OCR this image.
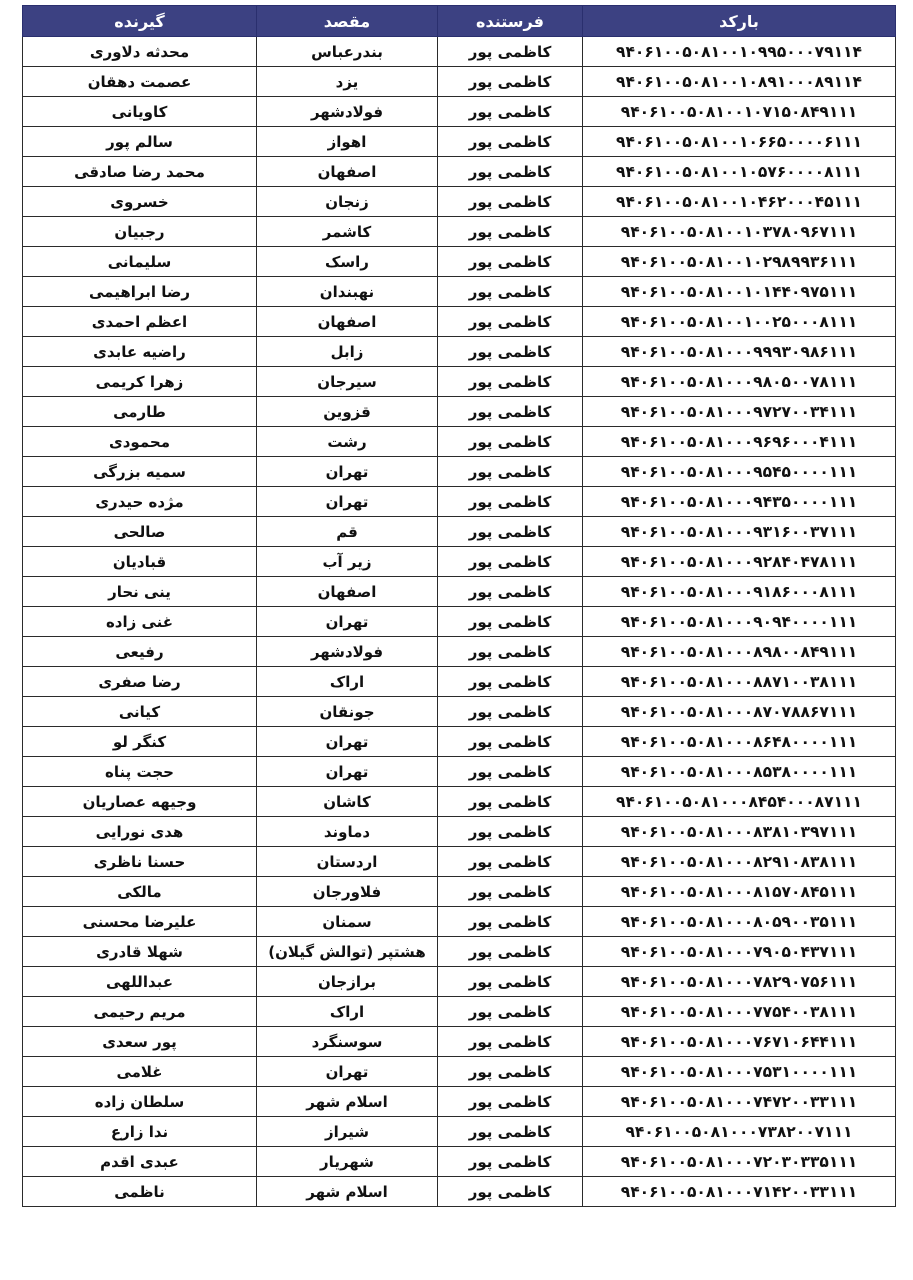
بارکد	فرستنده	مقصد	گیرنده
۹۴۰۶۱۰۰۵۰۸۱۰۰۱۰۹۹۵۰۰۰۷۹۱۱۴	کاظمی پور	بندرعباس	محدثه دلاوری
۹۴۰۶۱۰۰۵۰۸۱۰۰۱۰۸۹۱۰۰۰۸۹۱۱۴	کاظمی پور	یزد	عصمت دهقان
۹۴۰۶۱۰۰۵۰۸۱۰۰۱۰۷۱۵۰۸۴۹۱۱۱	کاظمی پور	فولادشهر	کاویانی
۹۴۰۶۱۰۰۵۰۸۱۰۰۱۰۶۶۵۰۰۰۰۶۱۱۱	کاظمی پور	اهواز	سالم پور
۹۴۰۶۱۰۰۵۰۸۱۰۰۱۰۵۷۶۰۰۰۰۸۱۱۱	کاظمی پور	اصفهان	محمد رضا صادقی
۹۴۰۶۱۰۰۵۰۸۱۰۰۱۰۴۶۲۰۰۰۴۵۱۱۱	کاظمی پور	زنجان	خسروی
۹۴۰۶۱۰۰۵۰۸۱۰۰۱۰۳۷۸۰۹۶۷۱۱۱	کاظمی پور	کاشمر	رجبیان
۹۴۰۶۱۰۰۵۰۸۱۰۰۱۰۲۹۸۹۹۳۶۱۱۱	کاظمی پور	راسک	سلیمانی
۹۴۰۶۱۰۰۵۰۸۱۰۰۱۰۱۴۴۰۹۷۵۱۱۱	کاظمی پور	نهبندان	رضا ابراهیمی
۹۴۰۶۱۰۰۵۰۸۱۰۰۱۰۰۲۵۰۰۰۸۱۱۱	کاظمی پور	اصفهان	اعظم احمدی
۹۴۰۶۱۰۰۵۰۸۱۰۰۰۹۹۹۳۰۹۸۶۱۱۱	کاظمی پور	زابل	راضیه عابدی
۹۴۰۶۱۰۰۵۰۸۱۰۰۰۹۸۰۵۰۰۷۸۱۱۱	کاظمی پور	سیرجان	زهرا کریمی
۹۴۰۶۱۰۰۵۰۸۱۰۰۰۹۷۲۷۰۰۳۴۱۱۱	کاظمی پور	قزوین	طارمی
۹۴۰۶۱۰۰۵۰۸۱۰۰۰۹۶۹۶۰۰۰۴۱۱۱	کاظمی پور	رشت	محمودی
۹۴۰۶۱۰۰۵۰۸۱۰۰۰۹۵۴۵۰۰۰۰۱۱۱	کاظمی پور	تهران	سمیه بزرگی
۹۴۰۶۱۰۰۵۰۸۱۰۰۰۹۴۳۵۰۰۰۰۱۱۱	کاظمی پور	تهران	مژده حیدری
۹۴۰۶۱۰۰۵۰۸۱۰۰۰۹۳۱۶۰۰۳۷۱۱۱	کاظمی پور	قم	صالحی
۹۴۰۶۱۰۰۵۰۸۱۰۰۰۹۲۸۴۰۴۷۸۱۱۱	کاظمی پور	زیر آب	قبادیان
۹۴۰۶۱۰۰۵۰۸۱۰۰۰۹۱۸۶۰۰۰۸۱۱۱	کاظمی پور	اصفهان	ینی نحار
۹۴۰۶۱۰۰۵۰۸۱۰۰۰۹۰۹۴۰۰۰۰۱۱۱	کاظمی پور	تهران	غنی زاده
۹۴۰۶۱۰۰۵۰۸۱۰۰۰۸۹۸۰۰۸۴۹۱۱۱	کاظمی پور	فولادشهر	رفیعی
۹۴۰۶۱۰۰۵۰۸۱۰۰۰۸۸۷۱۰۰۳۸۱۱۱	کاظمی پور	اراک	رضا صفری
۹۴۰۶۱۰۰۵۰۸۱۰۰۰۸۷۰۷۸۸۶۷۱۱۱	کاظمی پور	جونقان	کیانی
۹۴۰۶۱۰۰۵۰۸۱۰۰۰۸۶۴۸۰۰۰۰۱۱۱	کاظمی پور	تهران	کنگر لو
۹۴۰۶۱۰۰۵۰۸۱۰۰۰۸۵۳۸۰۰۰۰۱۱۱	کاظمی پور	تهران	حجت پناه
۹۴۰۶۱۰۰۵۰۸۱۰۰۰۸۴۵۴۰۰۰۸۷۱۱۱	کاظمی پور	کاشان	وجیهه عصاریان
۹۴۰۶۱۰۰۵۰۸۱۰۰۰۸۳۸۱۰۳۹۷۱۱۱	کاظمی پور	دماوند	هدی نورایی
۹۴۰۶۱۰۰۵۰۸۱۰۰۰۸۲۹۱۰۸۳۸۱۱۱	کاظمی پور	اردستان	حسنا ناظری
۹۴۰۶۱۰۰۵۰۸۱۰۰۰۸۱۵۷۰۸۴۵۱۱۱	کاظمی پور	فلاورجان	مالکی
۹۴۰۶۱۰۰۵۰۸۱۰۰۰۸۰۵۹۰۰۳۵۱۱۱	کاظمی پور	سمنان	علیرضا محسنی
۹۴۰۶۱۰۰۵۰۸۱۰۰۰۷۹۰۵۰۴۳۷۱۱۱	کاظمی پور	هشتپر (توالش گیلان)	شهلا قادری
۹۴۰۶۱۰۰۵۰۸۱۰۰۰۷۸۲۹۰۷۵۶۱۱۱	کاظمی پور	برازجان	عبداللهی
۹۴۰۶۱۰۰۵۰۸۱۰۰۰۷۷۵۴۰۰۳۸۱۱۱	کاظمی پور	اراک	مریم رحیمی
۹۴۰۶۱۰۰۵۰۸۱۰۰۰۷۶۷۱۰۶۴۴۱۱۱	کاظمی پور	سوسنگرد	پور سعدی
۹۴۰۶۱۰۰۵۰۸۱۰۰۰۷۵۳۱۰۰۰۰۱۱۱	کاظمی پور	تهران	غلامی
۹۴۰۶۱۰۰۵۰۸۱۰۰۰۷۴۷۲۰۰۳۳۱۱۱	کاظمی پور	اسلام شهر	سلطان زاده
۹۴۰۶۱۰۰۵۰۸۱۰۰۰۷۳۸۲۰۰۷۱۱۱	کاظمی پور	شیراز	ندا زارع
۹۴۰۶۱۰۰۵۰۸۱۰۰۰۷۲۰۳۰۳۳۵۱۱۱	کاظمی پور	شهریار	عبدی اقدم
۹۴۰۶۱۰۰۵۰۸۱۰۰۰۷۱۴۲۰۰۳۳۱۱۱	کاظمی پور	اسلام شهر	ناظمی
